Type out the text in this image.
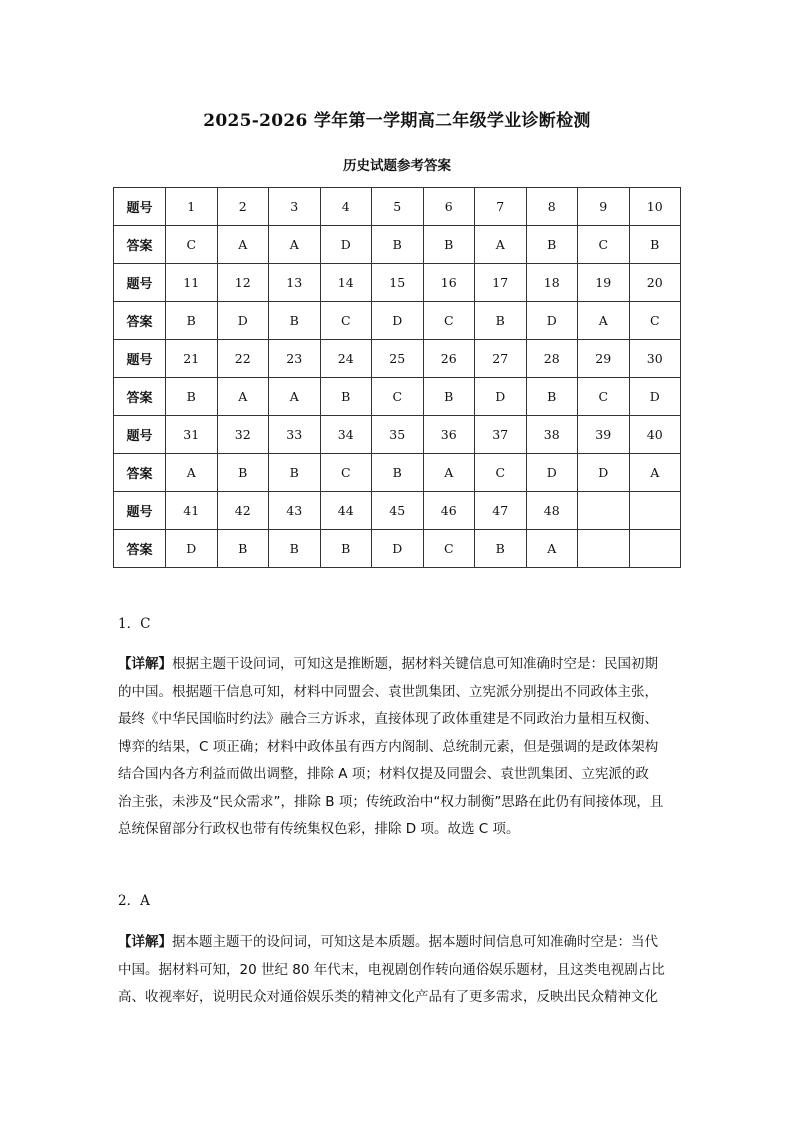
2025-2026 学年第一学期高二年级学业诊断检测
历史试题参考答案
题号	1	2	3	4	5	6	7	8	9	10
答案	C	A	A	D	B	B	A	B	C	B
题号	11	12	13	14	15	16	17	18	19	20
答案	B	D	B	C	D	C	B	D	A	C
题号	21	22	23	24	25	26	27	28	29	30
答案	B	A	A	B	C	B	D	B	C	D
题号	31	32	33	34	35	36	37	38	39	40
答案	A	B	B	C	B	A	C	D	D	A
题号	41	42	43	44	45	46	47	48		
答案	D	B	B	B	D	C	B	A		
1．C
【详解】根据主题干设问词，可知这是推断题，据材料关键信息可知准确时空是：民国初期
的中国。根据题干信息可知，材料中同盟会、袁世凯集团、立宪派分别提出不同政体主张，
最终《中华民国临时约法》融合三方诉求，直接体现了政体重建是不同政治力量相互权衡、
博弈的结果，C 项正确；材料中政体虽有西方内阁制、总统制元素，但是强调的是政体架构
结合国内各方利益而做出调整，排除 A 项；材料仅提及同盟会、袁世凯集团、立宪派的政
治主张，未涉及“民众需求”，排除 B 项；传统政治中“权力制衡”思路在此仍有间接体现，且
总统保留部分行政权也带有传统集权色彩，排除 D 项。故选 C 项。
2．A
【详解】据本题主题干的设问词，可知这是本质题。据本题时间信息可知准确时空是：当代
中国。据材料可知，20 世纪 80 年代末，电视剧创作转向通俗娱乐题材，且这类电视剧占比
高、收视率好，说明民众对通俗娱乐类的精神文化产品有了更多需求，反映出民众精神文化
